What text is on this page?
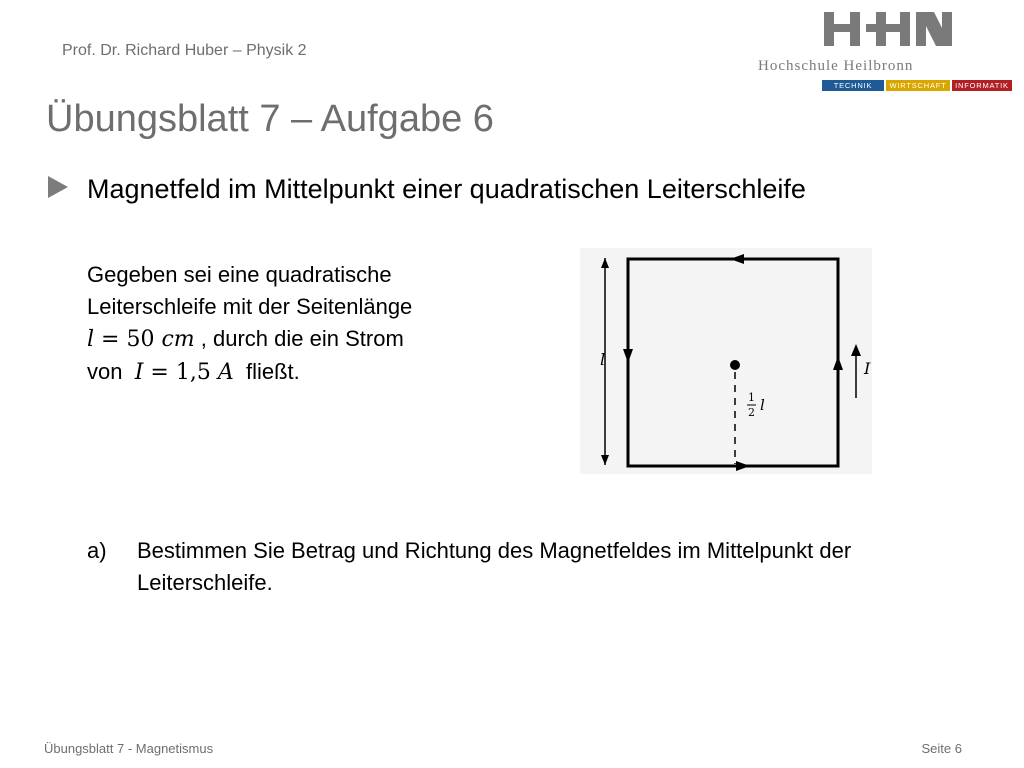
Prof. Dr. Richard Huber – Physik 2
Hochschule Heilbronn
TECHNIK	WIRTSCHAFT	INFORMATIK
Übungsblatt 7 – Aufgabe 6

Magnetfeld im Mittelpunkt einer quadratischen Leiterschleife

Gegeben sei eine quadratische Leiterschleife mit der Seitenlänge
l = 50 cm , durch die ein Strom
von I = 1,5 A fließt.	l
1
2 l
I
a) Bestimmen Sie Betrag und Richtung des Magnetfeldes im Mittelpunkt der Leiterschleife.
Übungsblatt 7 - Magnetismus	Seite 6
